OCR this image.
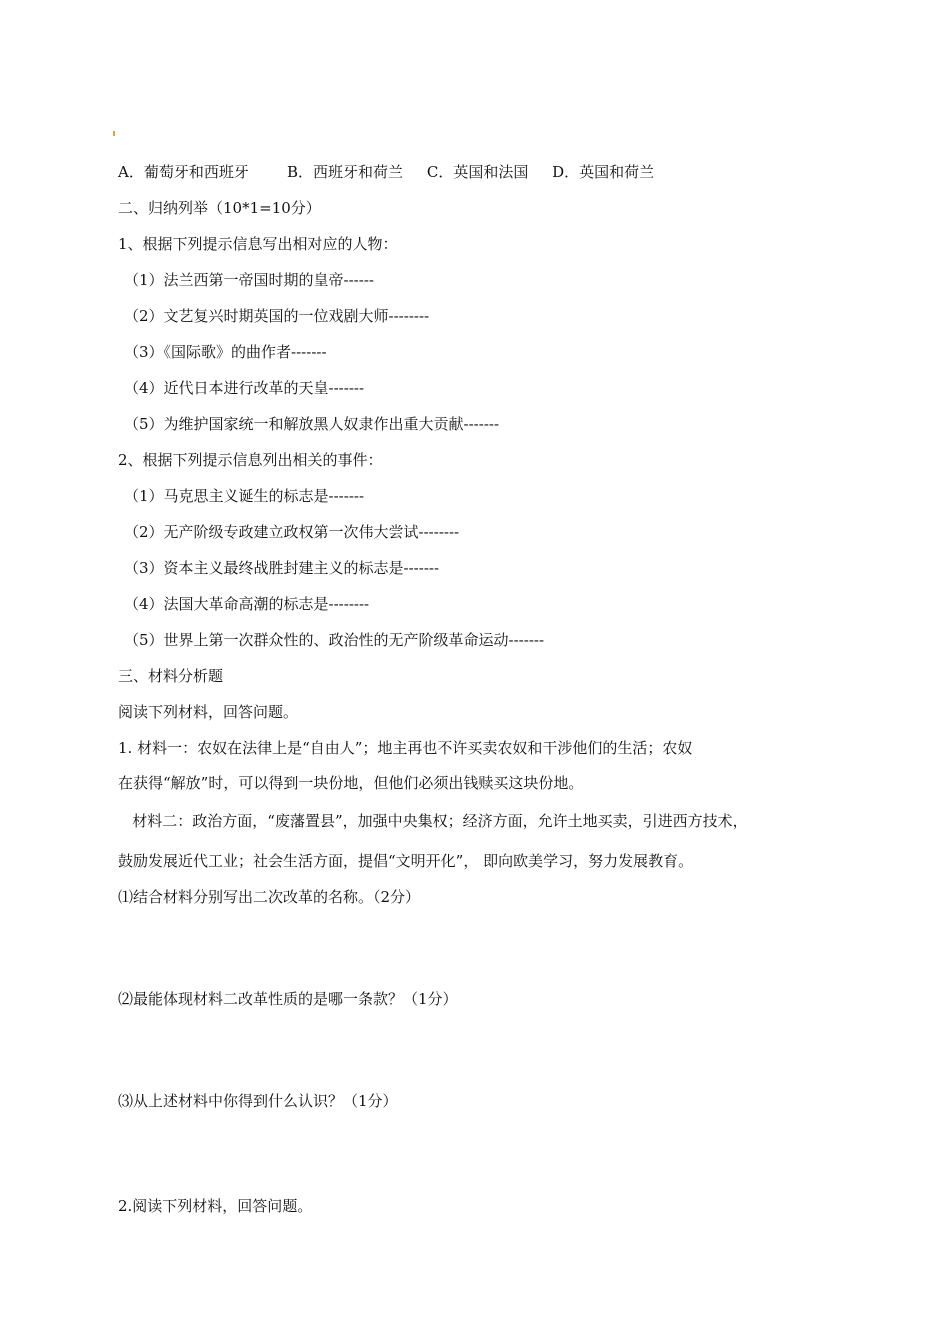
A．葡萄牙和西班牙        B．西班牙和荷兰     C．英国和法国     D．英国和荷兰
二、归纳列举（10*1=10分）
1、根据下列提示信息写出相对应的人物：
（1）法兰西第一帝国时期的皇帝------
（2）文艺复兴时期英国的一位戏剧大师--------
（3）《国际歌》的曲作者-------
（4）近代日本进行改革的天皇-------
（5）为维护国家统一和解放黑人奴隶作出重大贡献-------
2、根据下列提示信息列出相关的事件：
（1）马克思主义诞生的标志是-------
（2）无产阶级专政建立政权第一次伟大尝试--------
（3）资本主义最终战胜封建主义的标志是-------
（4）法国大革命高潮的标志是--------
（5）世界上第一次群众性的、政治性的无产阶级革命运动-------
三、材料分析题
阅读下列材料，回答问题。
1. 材料一：农奴在法律上是“自由人”；地主再也不许买卖农奴和干涉他们的生活；农奴
在获得“解放”时，可以得到一块份地，但他们必须出钱赎买这块份地。
材料二：政治方面，“废藩置县”，加强中央集权；经济方面，允许土地买卖，引进西方技术，
鼓励发展近代工业；社会生活方面，提倡“文明开化”， 即向欧美学习，努力发展教育。
⑴结合材料分别写出二次改革的名称。（2分）
⑵最能体现材料二改革性质的是哪一条款？（1分）
⑶从上述材料中你得到什么认识？（1分）
2.阅读下列材料，回答问题。
